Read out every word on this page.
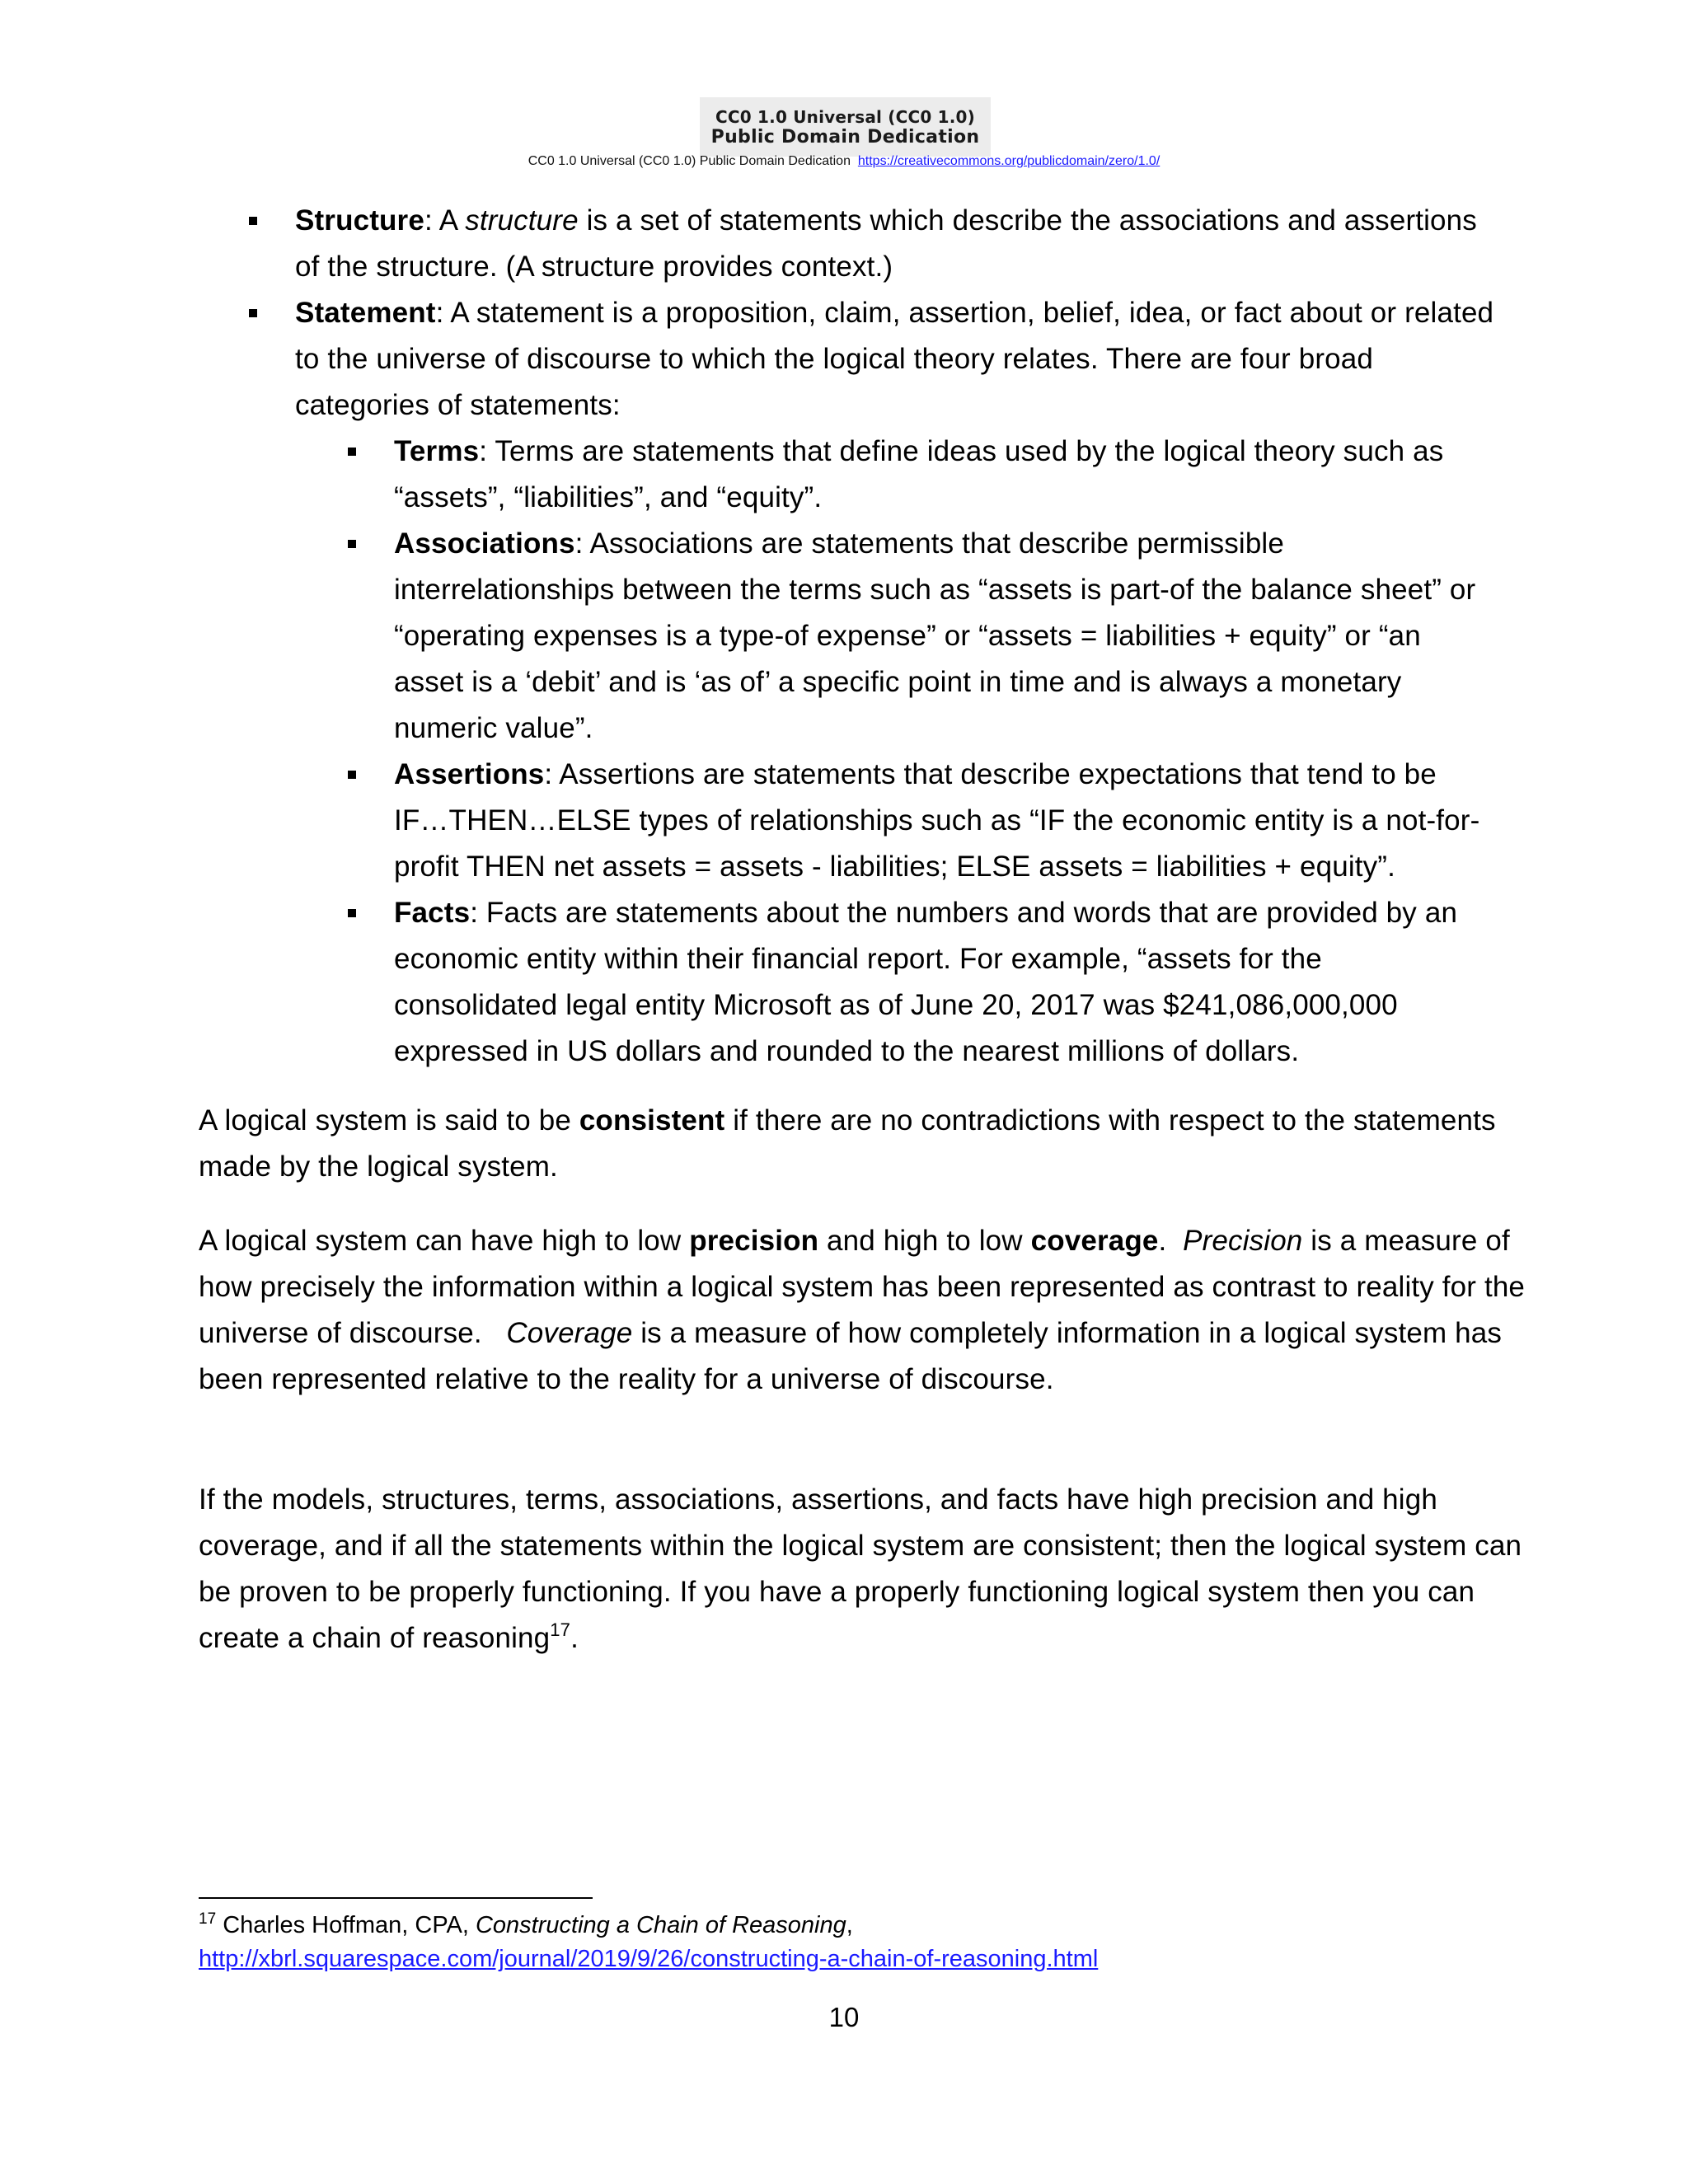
CC0 1.0 Universal (CC0 1.0)
Public Domain Dedication
CC0 1.0 Universal (CC0 1.0) Public Domain Dedication https://creativecommons.org/publicdomain/zero/1.0/
Structure: A structure is a set of statements which describe the associations and assertions of the structure. (A structure provides context.)
Statement: A statement is a proposition, claim, assertion, belief, idea, or fact about or related to the universe of discourse to which the logical theory relates. There are four broad categories of statements:
Terms: Terms are statements that define ideas used by the logical theory such as “assets”, “liabilities”, and “equity”.
Associations: Associations are statements that describe permissible interrelationships between the terms such as “assets is part-of the balance sheet” or “operating expenses is a type-of expense” or “assets = liabilities + equity” or “an asset is a ‘debit’ and is ‘as of’ a specific point in time and is always a monetary numeric value”.
Assertions: Assertions are statements that describe expectations that tend to be IF…THEN…ELSE types of relationships such as “IF the economic entity is a not-for-profit THEN net assets = assets - liabilities; ELSE assets = liabilities + equity”.
Facts: Facts are statements about the numbers and words that are provided by an economic entity within their financial report. For example, “assets for the consolidated legal entity Microsoft as of June 20, 2017 was $241,086,000,000 expressed in US dollars and rounded to the nearest millions of dollars.
A logical system is said to be consistent if there are no contradictions with respect to the statements made by the logical system.
A logical system can have high to low precision and high to low coverage.  Precision is a measure of how precisely the information within a logical system has been represented as contrast to reality for the universe of discourse.   Coverage is a measure of how completely information in a logical system has been represented relative to the reality for a universe of discourse.
If the models, structures, terms, associations, assertions, and facts have high precision and high coverage, and if all the statements within the logical system are consistent; then the logical system can be proven to be properly functioning. If you have a properly functioning logical system then you can create a chain of reasoning$^{17}$.
$^{17}$ Charles Hoffman, CPA, Constructing a Chain of Reasoning,
http://xbrl.squarespace.com/journal/2019/9/26/constructing-a-chain-of-reasoning.html
10
